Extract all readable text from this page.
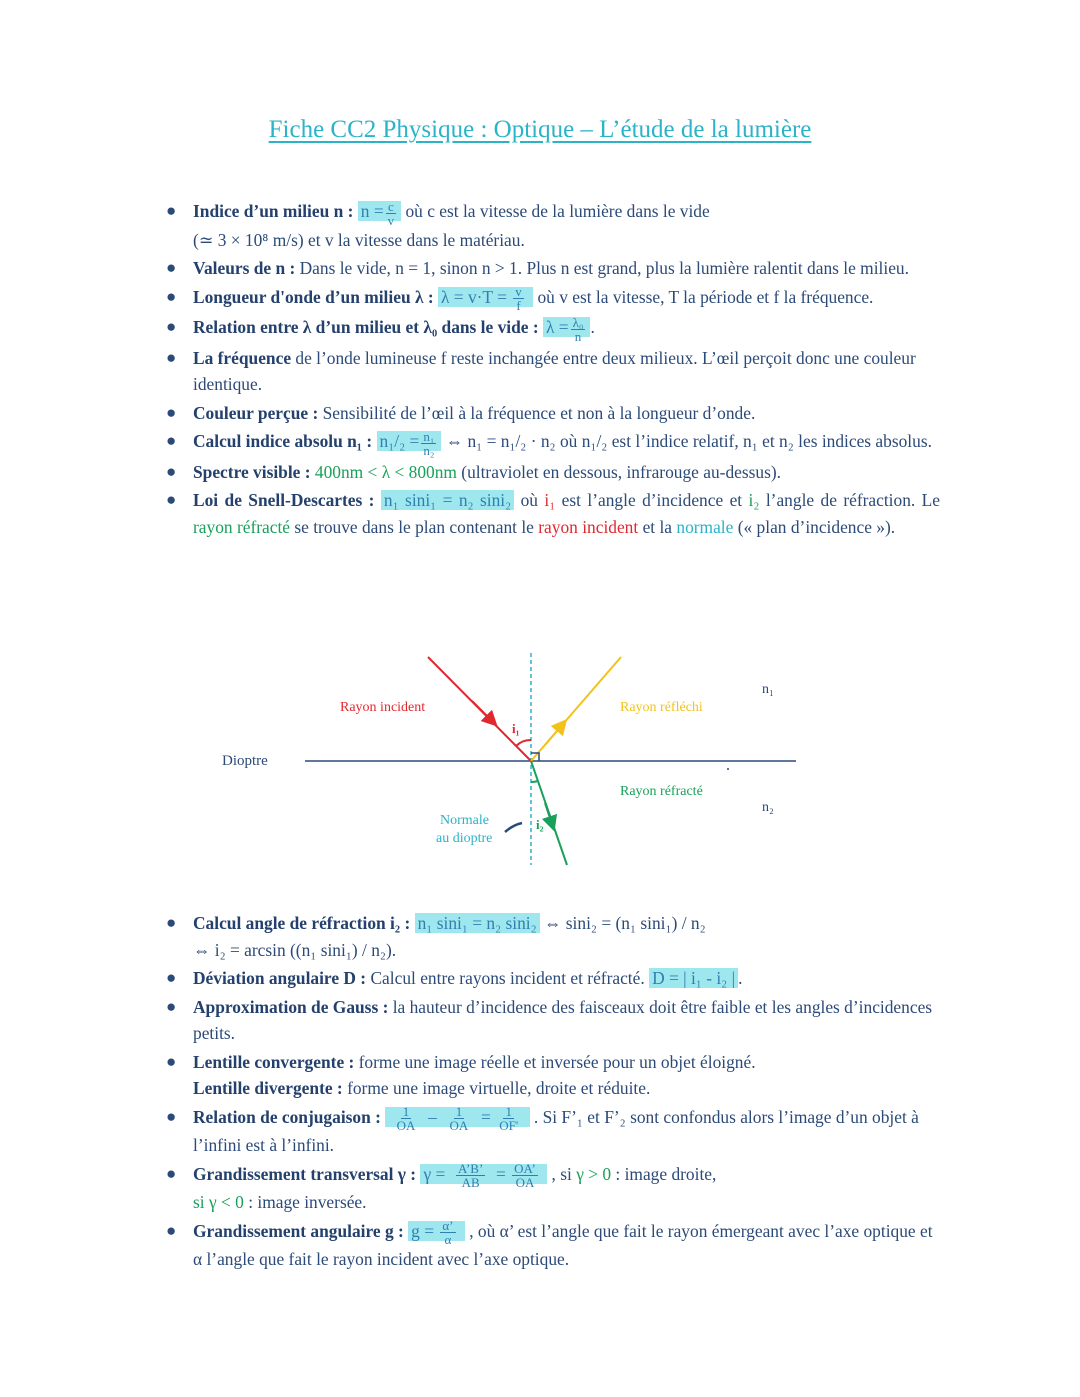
Fiche CC2 Physique : Optique – L’étude de la lumière
● Indice d’un milieu n : $n = \frac{c}{v}$ où c est la vitesse de la lumière dans le vide
(≃ 3 × 10⁸ m/s) et v la vitesse dans le matériau.
● Valeurs de n : Dans le vide, n = 1, sinon n > 1. Plus n est grand, plus la lumière ralentit dans le milieu.
● Longueur d'onde d’un milieu λ : $\lambda = v\cdot T = \frac{v}{f}$ où v est la vitesse, T la période et f la fréquence.
● Relation entre λ d’un milieu et λ₀ dans le vide : $\lambda = \frac{\text{λ₀}}{n}$ .
● La fréquence de l’onde lumineuse f reste inchangée entre deux milieux. L’œil perçoit donc une couleur identique.
● Couleur perçue : Sensibilité de l’œil à la fréquence et non à la longueur d’onde.
● Calcul indice absolu n₁ : $n_1/_2 = \frac{\text{n₁}}{\text{n₂}}$ ⇔ n₁ = n₁/₂ · n₂ où n₁/₂ est l’indice relatif, n₁ et n₂ les indices absolus.
● Spectre visible : 400nm < λ < 800nm (ultraviolet en dessous, infrarouge au-dessus).
● Loi de Snell-Descartes : n₁ sini₁ = n₂ sini₂ où i₁ est l’angle d’incidence et i₂ l’angle de réfraction. Le rayon réfracté se trouve dans le plan contenant le rayon incident et la normale (« plan d’incidence »).
Rayon incident	Rayon réfléchi
Rayon réfracté
Dioptre
Normale
au dioptre
n₁
n₂
i₁
i₂
● Calcul angle de réfraction i₂ : n₁ sini₁ = n₂ sini₂ ⇔ sini₂ = (n₁ sini₁) / n₂
⇔ i₂ = arcsin ((n₁ sini₁) / n₂).
● Déviation angulaire D : Calcul entre rayons incident et réfracté. D = | i₁ - i₂ | .
● Approximation de Gauss : la hauteur d’incidence des faisceaux doit être faible et les angles d’incidences petits.
● Lentille convergente : forme une image réelle et inversée pour un objet éloigné.
Lentille divergente : forme une image virtuelle, droite et réduite.
● Relation de conjugaison : $\frac{1}{OA} - \frac{1}{OA} = \frac{1}{OF'}$ . Si F’₁ et F’₂ sont confondus alors l’image d’un objet à l’infini est à l’infini.
● Grandissement transversal γ : $\gamma = \frac{A’B’}{AB} = \frac{OA’}{OA}$ , si γ > 0 : image droite,
si γ < 0 : image inversée.
● Grandissement angulaire g : $g = \frac{\alpha’}{\alpha}$ , où α’ est l’angle que fait le rayon émergeant avec l’axe optique et α l’angle que fait le rayon incident avec l’axe optique.
